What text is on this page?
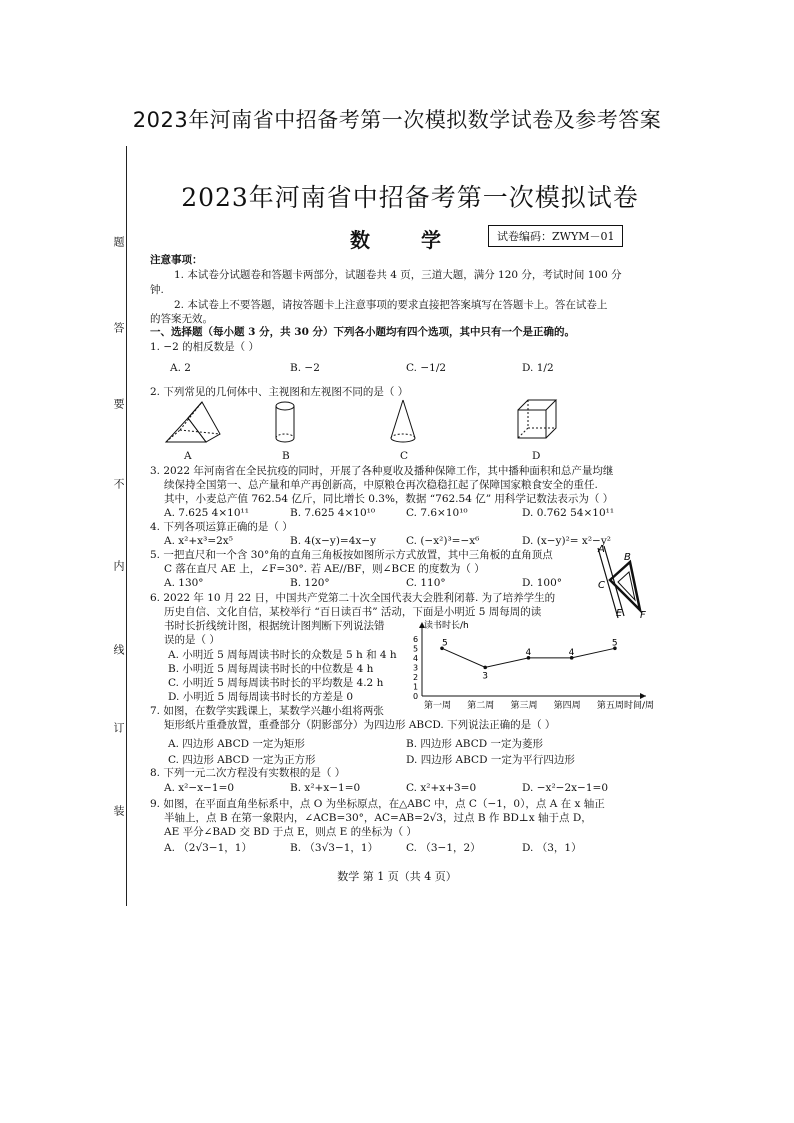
2023年河南省中招备考第一次模拟数学试卷及参考答案
题
答
要
不
内
线
订
装
2023年河南省中招备考第一次模拟试卷
数 学	试卷编码：ZWYM－01
注意事项：
1. 本试卷分试题卷和答题卡两部分，试题卷共 4 页，三道大题，满分 120 分，考试时间 100 分
钟.
2. 本试卷上不要答题，请按答题卡上注意事项的要求直接把答案填写在答题卡上。答在试卷上
的答案无效。
一、选择题（每小题 3 分，共 30 分）下列各小题均有四个选项，其中只有一个是正确的。
1. −2 的相反数是（ ）
A. 2	B. −2	C. −1/2	D. 1/2
2. 下列常见的几何体中、主视图和左视图不同的是（ ）
A	B	C	D
3. 2022 年河南省在全民抗疫的同时，开展了各种夏收及播种保障工作，其中播种面积和总产量均继
续保持全国第一、总产量和单产再创新高，中原粮仓再次稳稳扛起了保障国家粮食安全的重任.
其中，小麦总产值 762.54 亿斤，同比增长 0.3%，数据 “762.54 亿” 用科学记数法表示为（ ）
A. 7.625 4×10¹¹	B. 7.625 4×10¹⁰	C. 7.6×10¹⁰	D. 0.762 54×10¹¹
4. 下列各项运算正确的是（ ）
A. x²+x³=2x⁵	B. 4(x−y)=4x−y	C. (−x²)³=−x⁶	D. (x−y)²= x²−y²
5. 一把直尺和一个含 30°角的直角三角板按如图所示方式放置，其中三角板的直角顶点
C 落在直尺 AE 上，∠F=30°. 若 AE//BF，则∠BCE 的度数为（ ）
A. 130°	B. 120°	C. 110°	D. 100°
A
B
C
E F
6. 2022 年 10 月 22 日，中国共产党第二十次全国代表大会胜利闭幕. 为了培养学生的
历史自信、文化自信，某校举行 “百日读百书” 活动，下面是小明近 5 周每周的读
书时长折线统计图，根据统计图判断下列说法错
误的是（ ）
A. 小明近 5 周每周读书时长的众数是 5 h 和 4 h
B. 小明近 5 周每周读书时长的中位数是 4 h
C. 小明近 5 周每周读书时长的平均数是 4.2 h
D. 小明近 5 周每周读书时长的方差是 0
读书时长/h
0
1
2
3
4
5
6
第一周 第二周 第三周 第四周 第五周 时间/周
5
3
4	4
5
7. 如图，在数学实践课上，某数学兴趣小组将两张
矩形纸片重叠放置，重叠部分（阴影部分）为四边形 ABCD. 下列说法正确的是（ ）
A. 四边形 ABCD 一定为矩形	B. 四边形 ABCD 一定为菱形
C. 四边形 ABCD 一定为正方形	D. 四边形 ABCD 一定为平行四边形
8. 下列一元二次方程没有实数根的是（ ）
A. x²−x−1=0	B. x²+x−1=0	C. x²+x+3=0	D. −x²−2x−1=0
9. 如图，在平面直角坐标系中，点 O 为坐标原点，在△ABC 中，点 C（−1，0），点 A 在 x 轴正
半轴上，点 B 在第一象限内，∠ACB=30°，AC=AB=2√3，过点 B 作 BD⊥x 轴于点 D，
AE 平分∠BAD 交 BD 于点 E，则点 E 的坐标为（ ）
A. （2√3−1，1）	B. （3√3−1，1）	C. （3−1，2）	D. （3，1）
数学 第 1 页（共 4 页）
